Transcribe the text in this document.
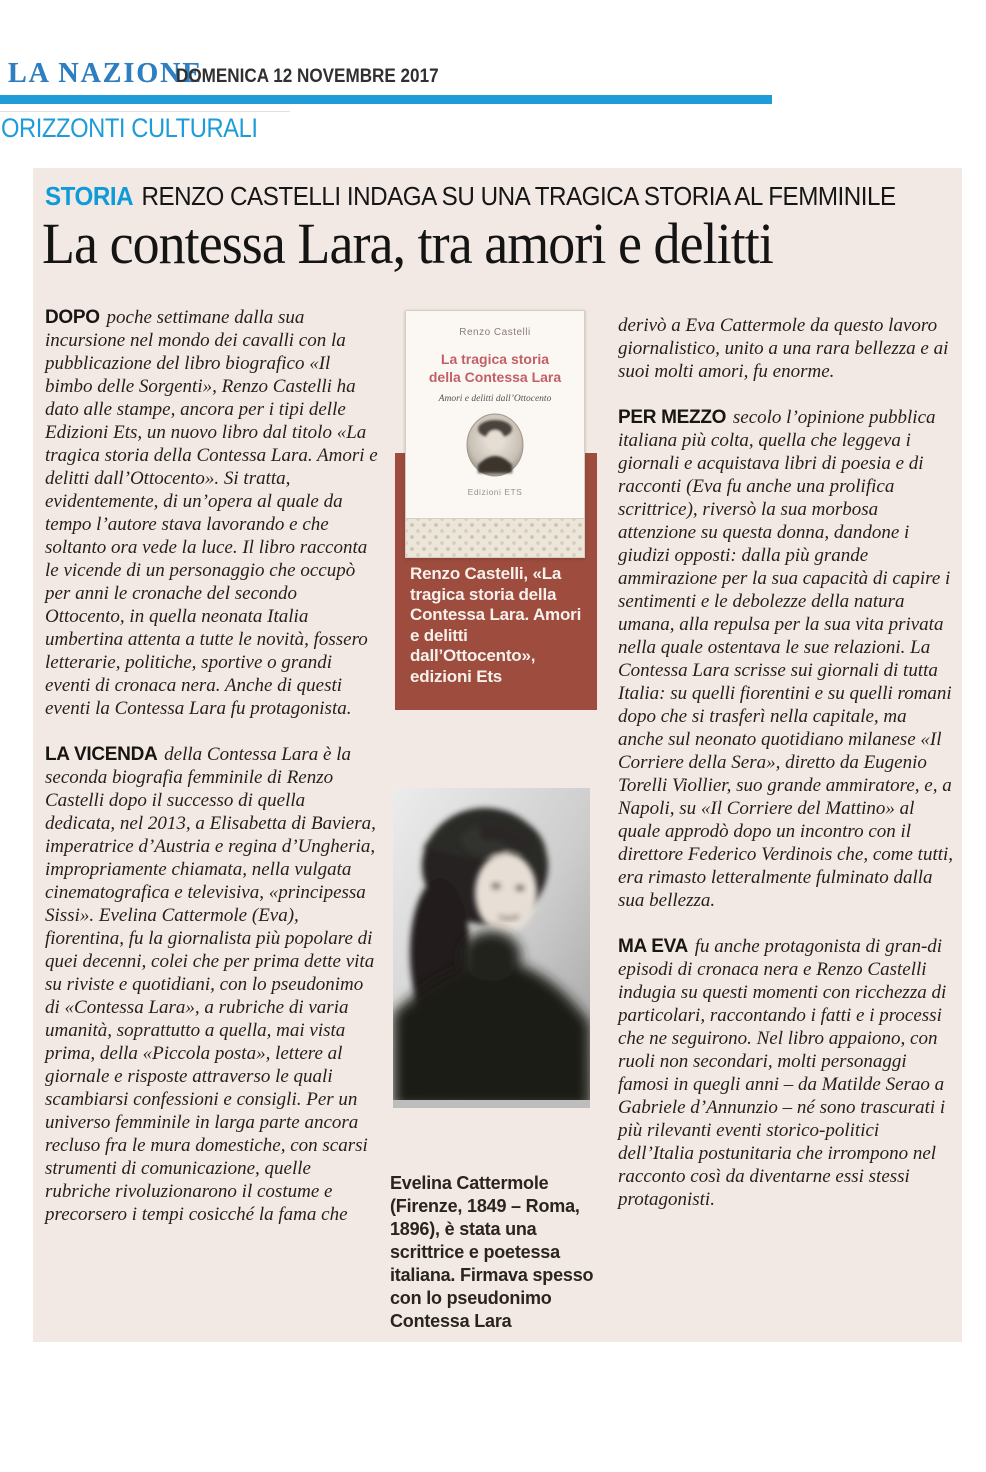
LA NAZIONE
DOMENICA 12 NOVEMBRE 2017
ORIZZONTI CULTURALI
STORIA RENZO CASTELLI INDAGA SU UNA TRAGICA STORIA AL FEMMINILE
La contessa Lara, tra amori e delitti

DOPO poche settimane dalla sua incursione nel mondo dei cavalli con la pubblicazione del libro biografico «Il bimbo delle Sorgenti», Renzo Castelli ha dato alle stampe, ancora per i tipi delle Edizioni Ets, un nuovo libro dal titolo «La tragica storia della Contessa Lara. Amori e delitti dall’Ottocento». Si tratta, evidentemente, di un’opera al quale da tempo l’autore stava lavorando e che soltanto ora vede la luce. Il libro racconta le vicende di un personaggio che occupò per anni le cronache del secondo Ottocento, in quella neonata Italia umbertina attenta a tutte le novità, fossero letterarie, politiche, sportive o grandi eventi di cronaca nera. Anche di questi eventi la Contessa Lara fu protagonista.

LA VICENDA della Contessa Lara è la seconda biografia femminile di Renzo Castelli dopo il successo di quella dedicata, nel 2013, a Elisabetta di Baviera, imperatrice d’Austria e regina d’Ungheria, impropriamente chiamata, nella vulgata cinematografica e televisiva, «principessa Sissi». Evelina Cattermole (Eva), fiorentina, fu la giornalista più popolare di quei decenni, colei che per prima dette vita su riviste e quotidiani, con lo pseudonimo di «Contessa Lara», a rubriche di varia umanità, soprattutto a quella, mai vista prima, della «Piccola posta», lettere al giornale e risposte attraverso le quali scambiarsi confessioni e consigli. Per un universo femminile in larga parte ancora recluso fra le mura domestiche, con scarsi strumenti di comunicazione, quelle rubriche rivoluzionarono il costume e precorsero i tempi cosicché la fama che

derivò a Eva Cattermole da questo lavoro giornalistico, unito a una rara bellezza e ai suoi molti amori, fu enorme.

PER MEZZO secolo l’opinione pubblica italiana più colta, quella che leggeva i giornali e acquistava libri di poesia e di racconti (Eva fu anche una prolifica scrittrice), riversò la sua morbosa attenzione su questa donna, dandone i giudizi opposti: dalla più grande ammirazione per la sua capacità di capire i sentimenti e le debolezze della natura umana, alla repulsa per la sua vita privata nella quale ostentava le sue relazioni. La Contessa Lara scrisse sui giornali di tutta Italia: su quelli fiorentini e su quelli romani dopo che si trasferì nella capitale, ma anche sul neonato quotidiano milanese «Il Corriere della Sera», diretto da Eugenio Torelli Viollier, suo grande ammiratore, e, a Napoli, su «Il Corriere del Mattino» al quale approdò dopo un incontro con il direttore Federico Verdinois che, come tutti, era rimasto letteralmente fulminato dalla sua bellezza.

MA EVA fu anche protagonista di gran-di episodi di cronaca nera e Renzo Castelli indugia su questi momenti con ricchezza di particolari, raccontando i fatti e i processi che ne seguirono. Nel libro appaiono, con ruoli non secondari, molti personaggi famosi in quegli anni – da Matilde Serao a Gabriele d’Annunzio – né sono trascurati i più rilevanti eventi storico-politici dell’Italia postunitaria che irrompono nel racconto così da diventarne essi stessi protagonisti.

Renzo Castelli
La tragica storia
della Contessa Lara
Amori e delitti dall’Ottocento
Edizioni ETS
Renzo Castelli, «La tragica storia della Contessa Lara. Amori e delitti dall’Ottocento», edizioni Ets
Evelina Cattermole (Firenze, 1849 – Roma, 1896), è stata una scrittrice e poetessa italiana. Firmava spesso con lo pseudonimo Contessa Lara
